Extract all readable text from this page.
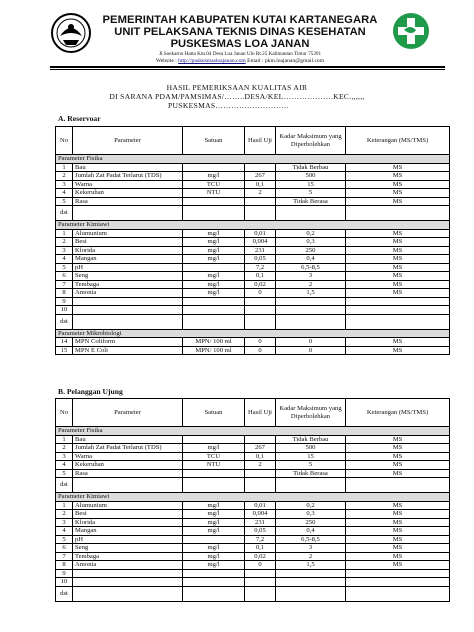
PEMERINTAH KABUPATEN KUTAI KARTANEGARA
UNIT PELAKSANA TEKNIS DINAS KESEHATAN
PUSKESMAS LOA JANAN
Jl.Soekarno Hatta Km.04 Desa Loa Janan Ulu Rt.25 Kalimantan Timur 75391
Website : http://puskesmasloajanan.com Email : pkm.loajanan@gmail.com
HASIL PEMERIKSAAN KUALITAS AIR
DI SARANA PDAM/PAMSIMAS/……..DESA/KEL……………….KEC.,,,,,,
PUSKESMAS……………………….
A. Reservoar
No	Parameter	Satuan	Hasil Uji	Kadar Maksimum yang Diperbolehkan	Keterangan (MS/TMS)
Parameter Fisika					
1	Bau			Tidak Berbau	MS
2	Jumlah Zat Padat Terlarut (TDS)	mg/l	267	500	MS
3	Warna	TCU	0,1	15	MS
4	Kekeruhan	NTU	2	5	MS
5	Rasa			Tidak Berasa	MS
dst					
Parameter Kimiawi					
1	Alumunium	mg/l	0,01	0,2	MS
2	Besi	mg/l	0,004	0,3	MS
3	Klorida	mg/l	231	250	MS
4	Mangan	mg/l	0,05	0,4	MS
5	pH		7,2	6,5-8,5	MS
6	Seng	mg/l	0,1	3	MS
7	Tembaga	mg/l	0,02	2	MS
8	Amonia	mg/l	0	1,5	MS
9					
10					
dst					
Parameter Mikrobiologi					
14	MPN Coliform	MPN/ 100 ml	0	0	MS
15	MPN E Coli	MPN/ 100 ml	0	0	MS
B. Pelanggan Ujung
No	Parameter	Satuan	Hasil Uji	Kadar Maksimum yang Diperbolehkan	Keterangan (MS/TMS)
Parameter Fisika					
1	Bau			Tidak Berbau	MS
2	Jumlah Zat Padat Terlarut (TDS)	mg/l	267	500	MS
3	Warna	TCU	0,1	15	MS
4	Kekeruhan	NTU	2	5	MS
5	Rasa			Tidak Berasa	MS
dst					
Parameter Kimiawi					
1	Alumunium	mg/l	0,01	0,2	MS
2	Besi	mg/l	0,004	0,3	MS
3	Klorida	mg/l	231	250	MS
4	Mangan	mg/l	0,05	0,4	MS
5	pH		7,2	6,5-8,5	MS
6	Seng	mg/l	0,1	3	MS
7	Tembaga	mg/l	0,02	2	MS
8	Amonia	mg/l	0	1,5	MS
9					
10					
dst					
